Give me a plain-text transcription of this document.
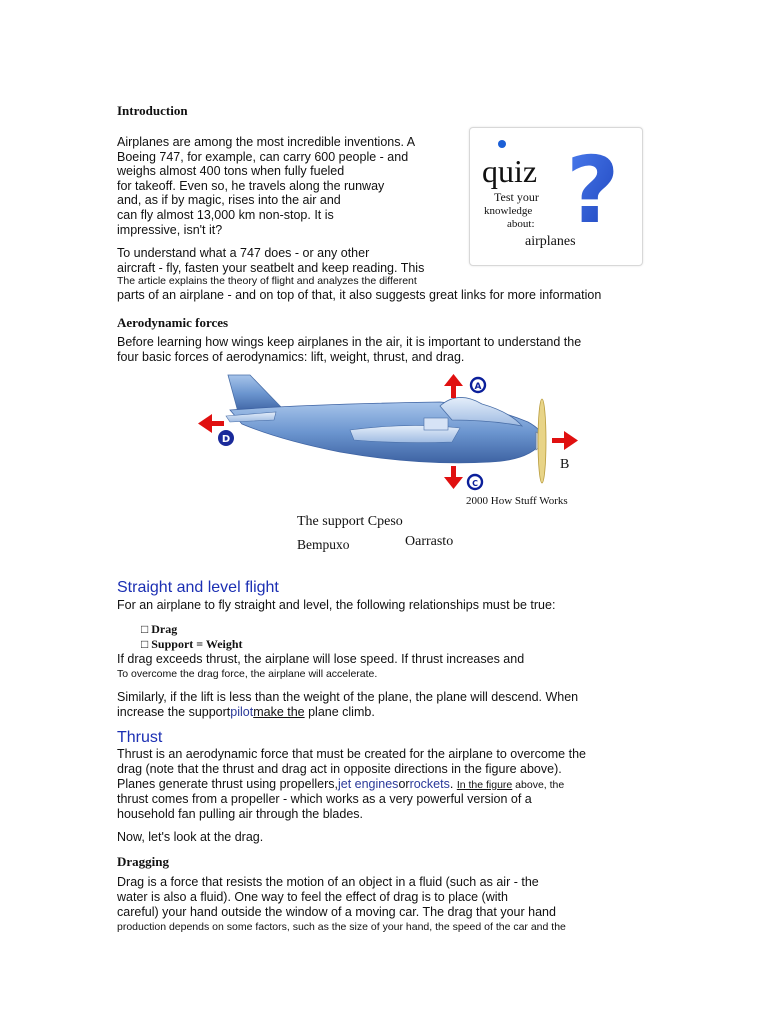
Introduction

Airplanes are among the most incredible inventions. A

Boeing 747, for example, can carry 600 people - and

weighs almost 400 tons when fully fueled

for takeoff. Even so, he travels along the runway

and, as if by magic, rises into the air and

can fly almost 13,000 km non-stop. It is

impressive, isn't it?

To understand what a 747 does - or any other

aircraft - fly, fasten your seatbelt and keep reading. This

The article explains the theory of flight and analyzes the different

parts of an airplane - and on top of that, it also suggests great links for more information

quiz
Test your
knowledge
about:
airplanes
?
Aerodynamic forces

Before learning how wings keep airplanes in the air, it is important to understand the

four basic forces of aerodynamics: lift, weight, thrust, and drag.

A
D
C
B
2000 How Stuff Works
The support Cpeso
Bempuxo	Oarrasto
Straight and level flight

For an airplane to fly straight and level, the following relationships must be true:

□ Drag
□ Support = Weight

If drag exceeds thrust, the airplane will lose speed. If thrust increases and

To overcome the drag force, the airplane will accelerate.

Similarly, if the lift is less than the weight of the plane, the plane will descend. When

increase the supportpilotmake the plane climb.

Thrust

Thrust is an aerodynamic force that must be created for the airplane to overcome the

drag (note that the thrust and drag act in opposite directions in the figure above).

Planes generate thrust using propellers,jet enginesorrockets. In the figure above, the

thrust comes from a propeller - which works as a very powerful version of a

household fan pulling air through the blades.

Now, let's look at the drag.

Dragging

Drag is a force that resists the motion of an object in a fluid (such as air - the

water is also a fluid). One way to feel the effect of drag is to place (with

careful) your hand outside the window of a moving car. The drag that your hand

production depends on some factors, such as the size of your hand, the speed of the car and the
